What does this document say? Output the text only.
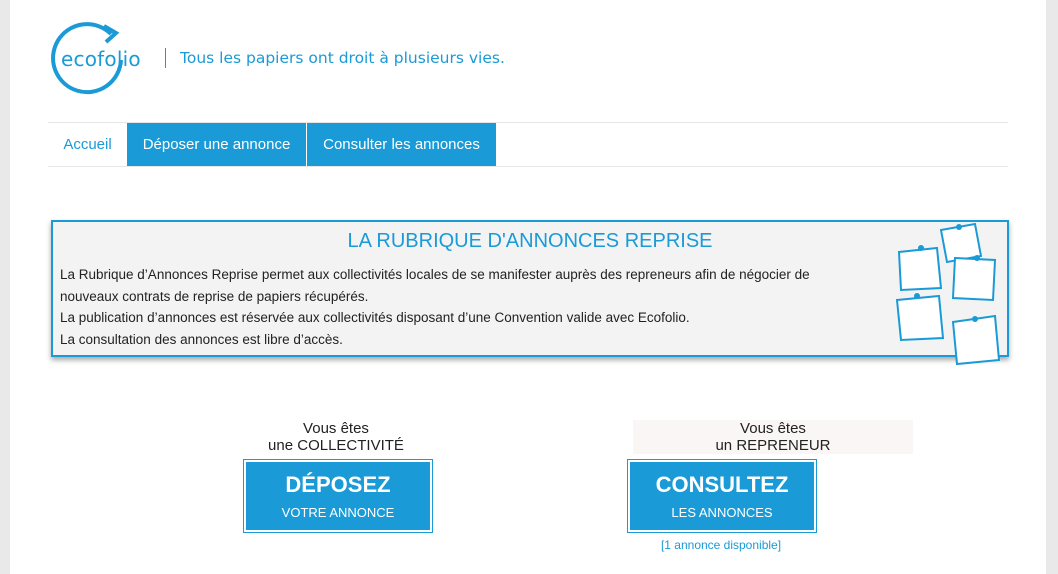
ecofolio	Tous les papiers ont droit à plusieurs vies.
Accueil	Déposer une annonce	Consulter les annonces
LA RUBRIQUE D'ANNONCES REPRISE
La Rubrique d’Annonces Reprise permet aux collectivités locales de se manifester auprès des repreneurs afin de négocier de nouveaux contrats de reprise de papiers récupérés.
La publication d’annonces est réservée aux collectivités disposant d’une Convention valide avec Ecofolio.
La consultation des annonces est libre d’accès.
Vous êtes
une COLLECTIVITÉ
DÉPOSEZ
VOTRE ANNONCE
Vous êtes
un REPRENEUR
CONSULTEZ
LES ANNONCES
[1 annonce disponible]
